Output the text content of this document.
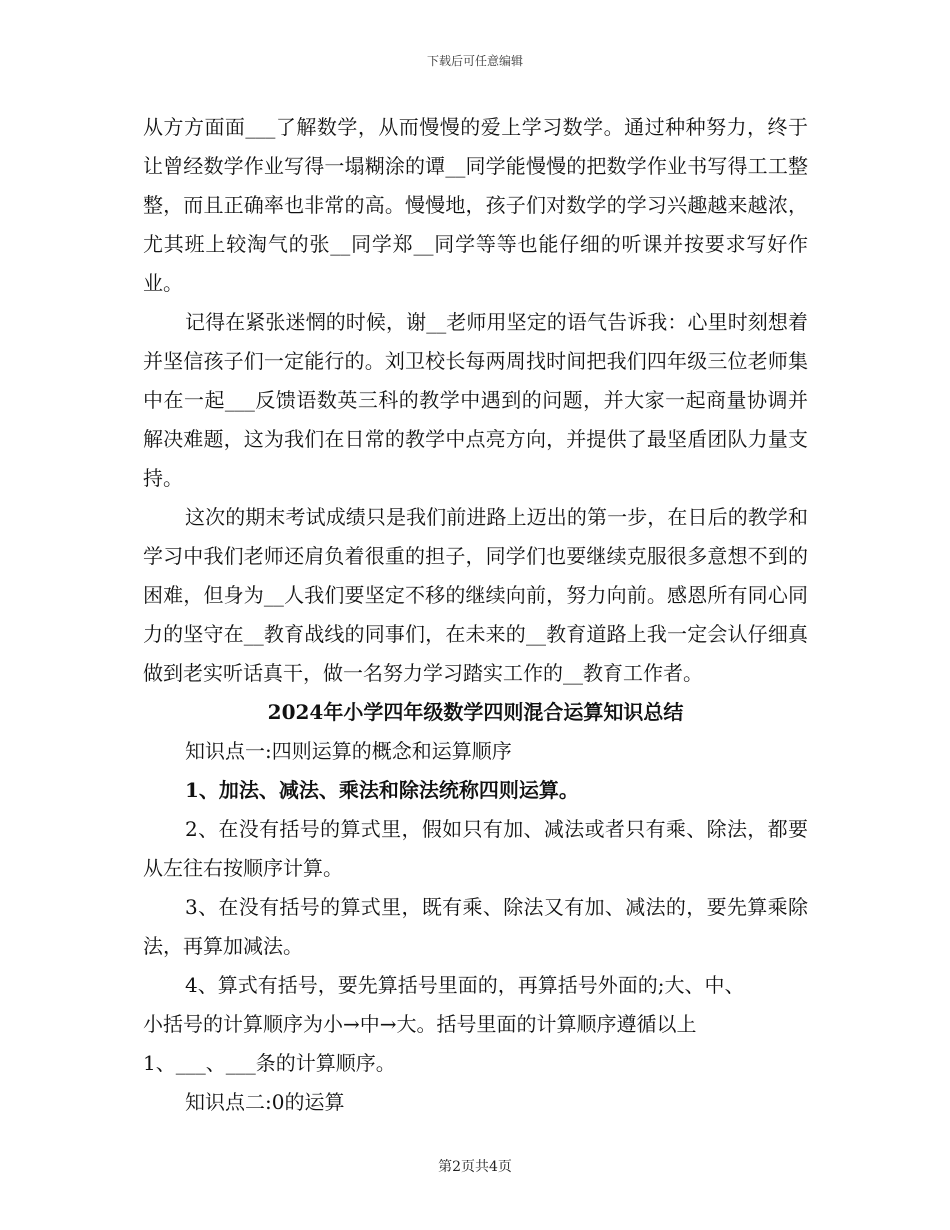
下载后可任意编辑

从方方面面___了解数学，从而慢慢的爱上学习数学。通过种种努力，终于让曾经数学作业写得一塌糊涂的谭__同学能慢慢的把数学作业书写得工工整整，而且正确率也非常的高。慢慢地，孩子们对数学的学习兴趣越来越浓，尤其班上较淘气的张__同学郑__同学等等也能仔细的听课并按要求写好作业。

记得在紧张迷惘的时候，谢__老师用坚定的语气告诉我：心里时刻想着并坚信孩子们一定能行的。刘卫校长每两周找时间把我们四年级三位老师集中在一起___反馈语数英三科的教学中遇到的问题，并大家一起商量协调并解决难题，这为我们在日常的教学中点亮方向，并提供了最坚盾团队力量支持。

这次的期末考试成绩只是我们前进路上迈出的第一步，在日后的教学和学习中我们老师还肩负着很重的担子，同学们也要继续克服很多意想不到的困难，但身为__人我们要坚定不移的继续向前，努力向前。感恩所有同心同力的坚守在__教育战线的同事们，在未来的__教育道路上我一定会认仔细真做到老实听话真干，做一名努力学习踏实工作的__教育工作者。

2024年小学四年级数学四则混合运算知识总结

知识点一:四则运算的概念和运算顺序

1、加法、减法、乘法和除法统称四则运算。

2、在没有括号的算式里，假如只有加、减法或者只有乘、除法，都要从左往右按顺序计算。

3、在没有括号的算式里，既有乘、除法又有加、减法的，要先算乘除法，再算加减法。

4、算式有括号，要先算括号里面的，再算括号外面的;大、中、

小括号的计算顺序为小→中→大。括号里面的计算顺序遵循以上

1、___、___条的计算顺序。

知识点二:0的运算

第2页共4页
